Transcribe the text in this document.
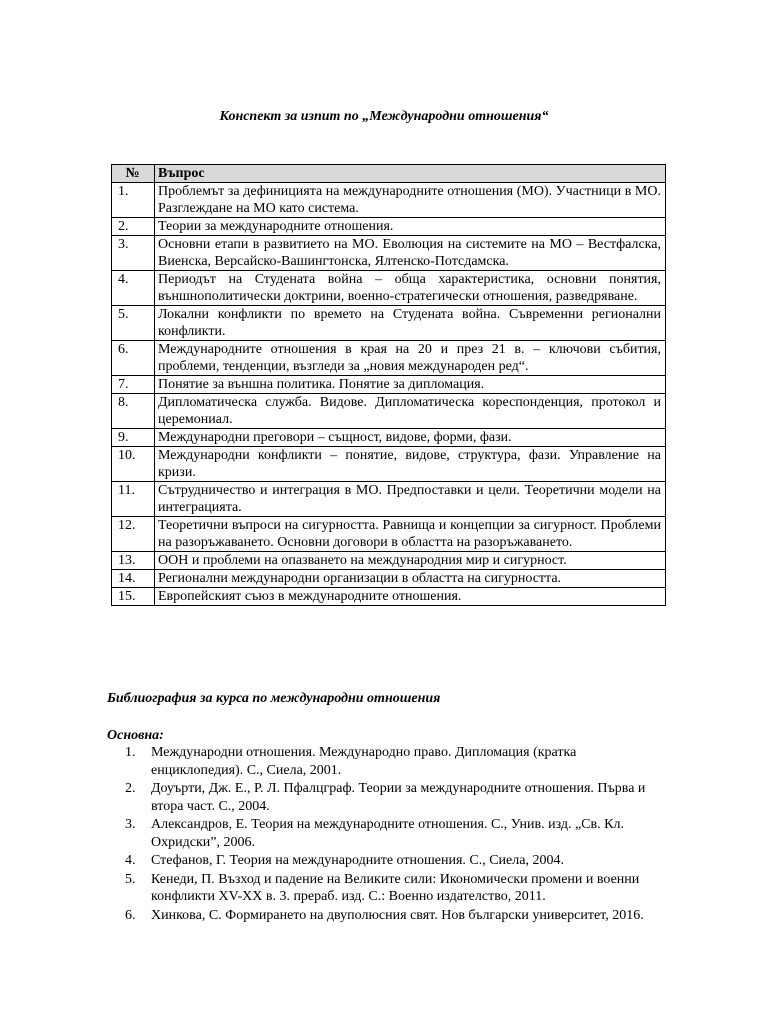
Конспект за изпит по „Международни отношения“
№	Въпрос
1.	Проблемът за дефиницията на международните отношения (МО). Участници в МО. Разглеждане на МО като система.
2.	Теории за международните отношения.
3.	Основни етапи в развитието на МО. Еволюция на системите на МО – Вестфалска, Виенска, Версайско-Вашингтонска, Ялтенско-Потсдамска.
4.	Периодът на Студената война – обща характеристика, основни понятия, външнополитически доктрини, военно-стратегически отношения, разведряване.
5.	Локални конфликти по времето на Студената война. Съвременни регионални конфликти.
6.	Международните отношения в края на 20 и през 21 в. – ключови събития, проблеми, тенденции, възгледи за „новия международен ред“.
7.	Понятие за външна политика. Понятие за дипломация.
8.	Дипломатическа служба. Видове. Дипломатическа кореспонденция, протокол и церемониал.
9.	Международни преговори – същност, видове, форми, фази.
10.	Международни конфликти – понятие, видове, структура, фази. Управление на кризи.
11.	Сътрудничество и интеграция в МО. Предпоставки и цели. Теоретични модели на интеграцията.
12.	Теоретични въпроси на сигурността. Равнища и концепции за сигурност. Проблеми на разоръжаването. Основни договори в областта на разоръжаването.
13.	ООН и проблеми на опазването на международния мир и сигурност.
14.	Регионални международни организации в областта на сигурността.
15.	Европейският съюз в международните отношения.
Библиография за курса по международни отношения
Основна:
1. Международни отношения. Международно право. Дипломация (кратка енциклопедия). С., Сиела, 2001.
2. Доуърти, Дж. Е., Р. Л. Пфалцграф. Теории за международните отношения. Първа и втора част. С., 2004.
3. Александров, Е. Теория на международните отношения. С., Унив. изд. „Св. Кл. Охридски”, 2006.
4. Стефанов, Г. Теория на международните отношения. С., Сиела, 2004.
5. Кенеди, П. Възход и падение на Великите сили: Икономически промени и военни конфликти XV-XX в. 3. прераб. изд. С.: Военно издателство, 2011.
6. Хинкова, С. Формирането на двуполюсния свят. Нов български университет, 2016.
